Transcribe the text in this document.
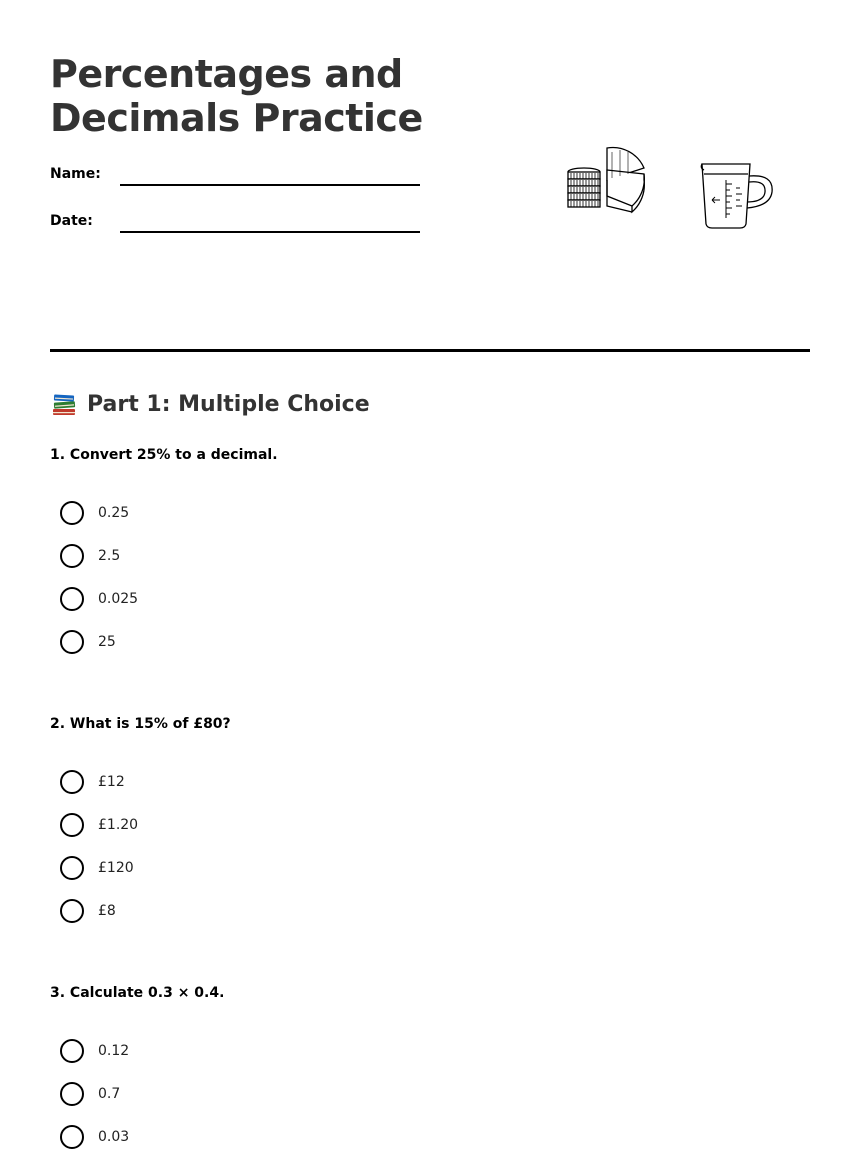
Percentages and
Decimals Practice
Name:
Date:
Part 1: Multiple Choice

1. Convert 25% to a decimal.

0.25
2.5
0.025
25

2. What is 15% of £80?

£12
£1.20
£120
£8

3. Calculate 0.3 × 0.4.

0.12
0.7
0.03
